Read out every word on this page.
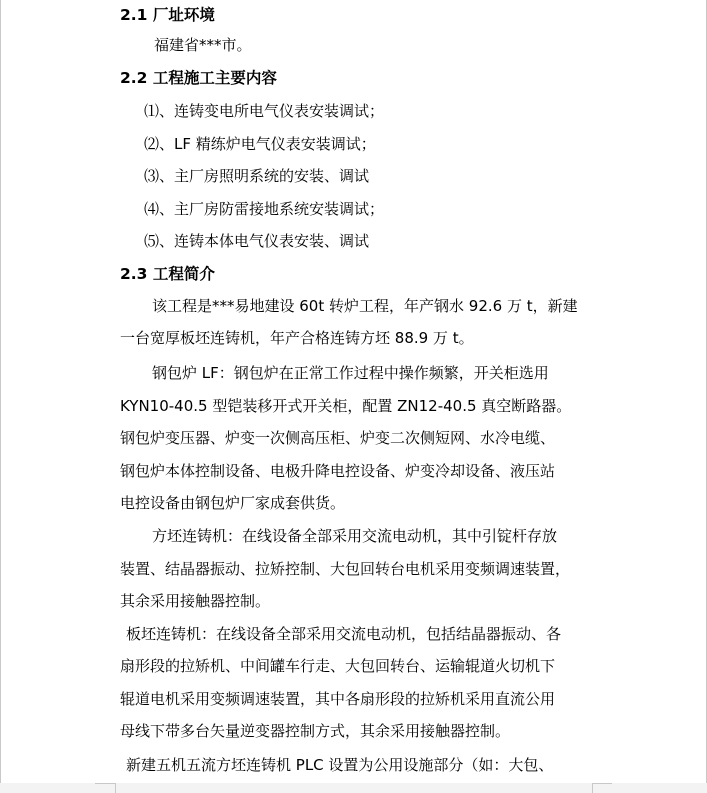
2.1 厂址环境
福建省***市。
2.2 工程施工主要内容
⑴、连铸变电所电气仪表安装调试；
⑵、LF 精练炉电气仪表安装调试；
⑶、主厂房照明系统的安装、调试
⑷、主厂房防雷接地系统安装调试；
⑸、连铸本体电气仪表安装、调试
2.3 工程简介
该工程是***易地建设 60t 转炉工程，年产钢水 92.6 万 t，新建
一台宽厚板坯连铸机，年产合格连铸方坯 88.9 万 t。
钢包炉 LF：钢包炉在正常工作过程中操作频繁，开关柜选用
KYN10-40.5 型铠装移开式开关柜，配置 ZN12-40.5 真空断路器。
钢包炉变压器、炉变一次侧高压柜、炉变二次侧短网、水冷电缆、
钢包炉本体控制设备、电极升降电控设备、炉变冷却设备、液压站
电控设备由钢包炉厂家成套供货。
方坯连铸机：在线设备全部采用交流电动机，其中引锭杆存放
装置、结晶器振动、拉矫控制、大包回转台电机采用变频调速装置，
其余采用接触器控制。
板坯连铸机：在线设备全部采用交流电动机，包括结晶器振动、各
扇形段的拉矫机、中间罐车行走、大包回转台、运输辊道火切机下
辊道电机采用变频调速装置，其中各扇形段的拉矫机采用直流公用
母线下带多台矢量逆变器控制方式，其余采用接触器控制。
新建五机五流方坯连铸机 PLC 设置为公用设施部分（如：大包、
